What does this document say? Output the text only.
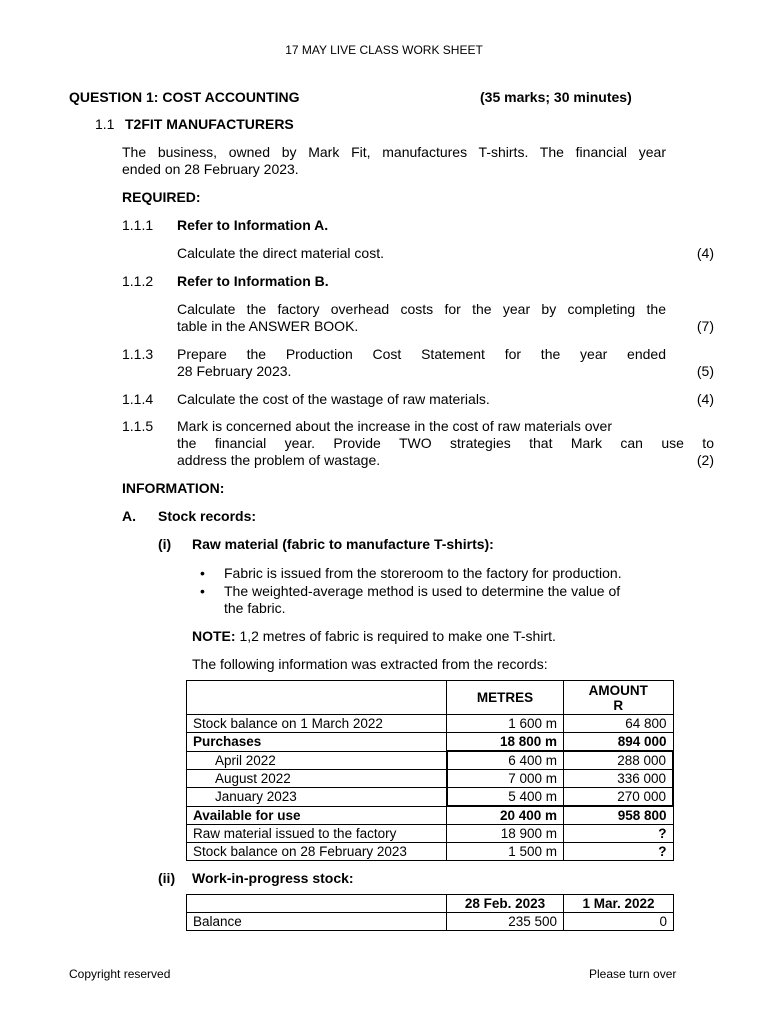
17 MAY LIVE CLASS WORK SHEET
QUESTION 1: COST ACCOUNTING	(35 marks; 30 minutes)
1.1 T2FIT MANUFACTURERS
The business, owned by Mark Fit, manufactures T-shirts. The financial year
ended on 28 February 2023.
REQUIRED:
1.1.1 Refer to Information A.
Calculate the direct material cost.	(4)
1.1.2 Refer to Information B.
Calculate the factory overhead costs for the year by completing the
table in the ANSWER BOOK.	(7)
1.1.3 Prepare the Production Cost Statement for the year ended
28 February 2023.	(5)
1.1.4 Calculate the cost of the wastage of raw materials.	(4)
1.1.5 Mark is concerned about the increase in the cost of raw materials over
the financial year. Provide TWO strategies that Mark can use to
address the problem of wastage.	(2)
INFORMATION:
A. Stock records:
(i) Raw material (fabric to manufacture T-shirts):
• Fabric is issued from the storeroom to the factory for production.
• The weighted-average method is used to determine the value of
the fabric.
NOTE: 1,2 metres of fabric is required to make one T-shirt.
The following information was extracted from the records:
	METRES	AMOUNT
R

Stock balance on 1 March 2022	1 600 m	64 800
Purchases	18 800 m	894 000
April 2022	6 400 m	288 000
August 2022	7 000 m	336 000
January 2023	5 400 m	270 000
Available for use	20 400 m	958 800
Raw material issued to the factory	18 900 m	?
Stock balance on 28 February 2023	1 500 m	?
(ii) Work-in-progress stock:
	28 Feb. 2023	1 Mar. 2022
Balance	235 500	0
Copyright reserved	Please turn over
